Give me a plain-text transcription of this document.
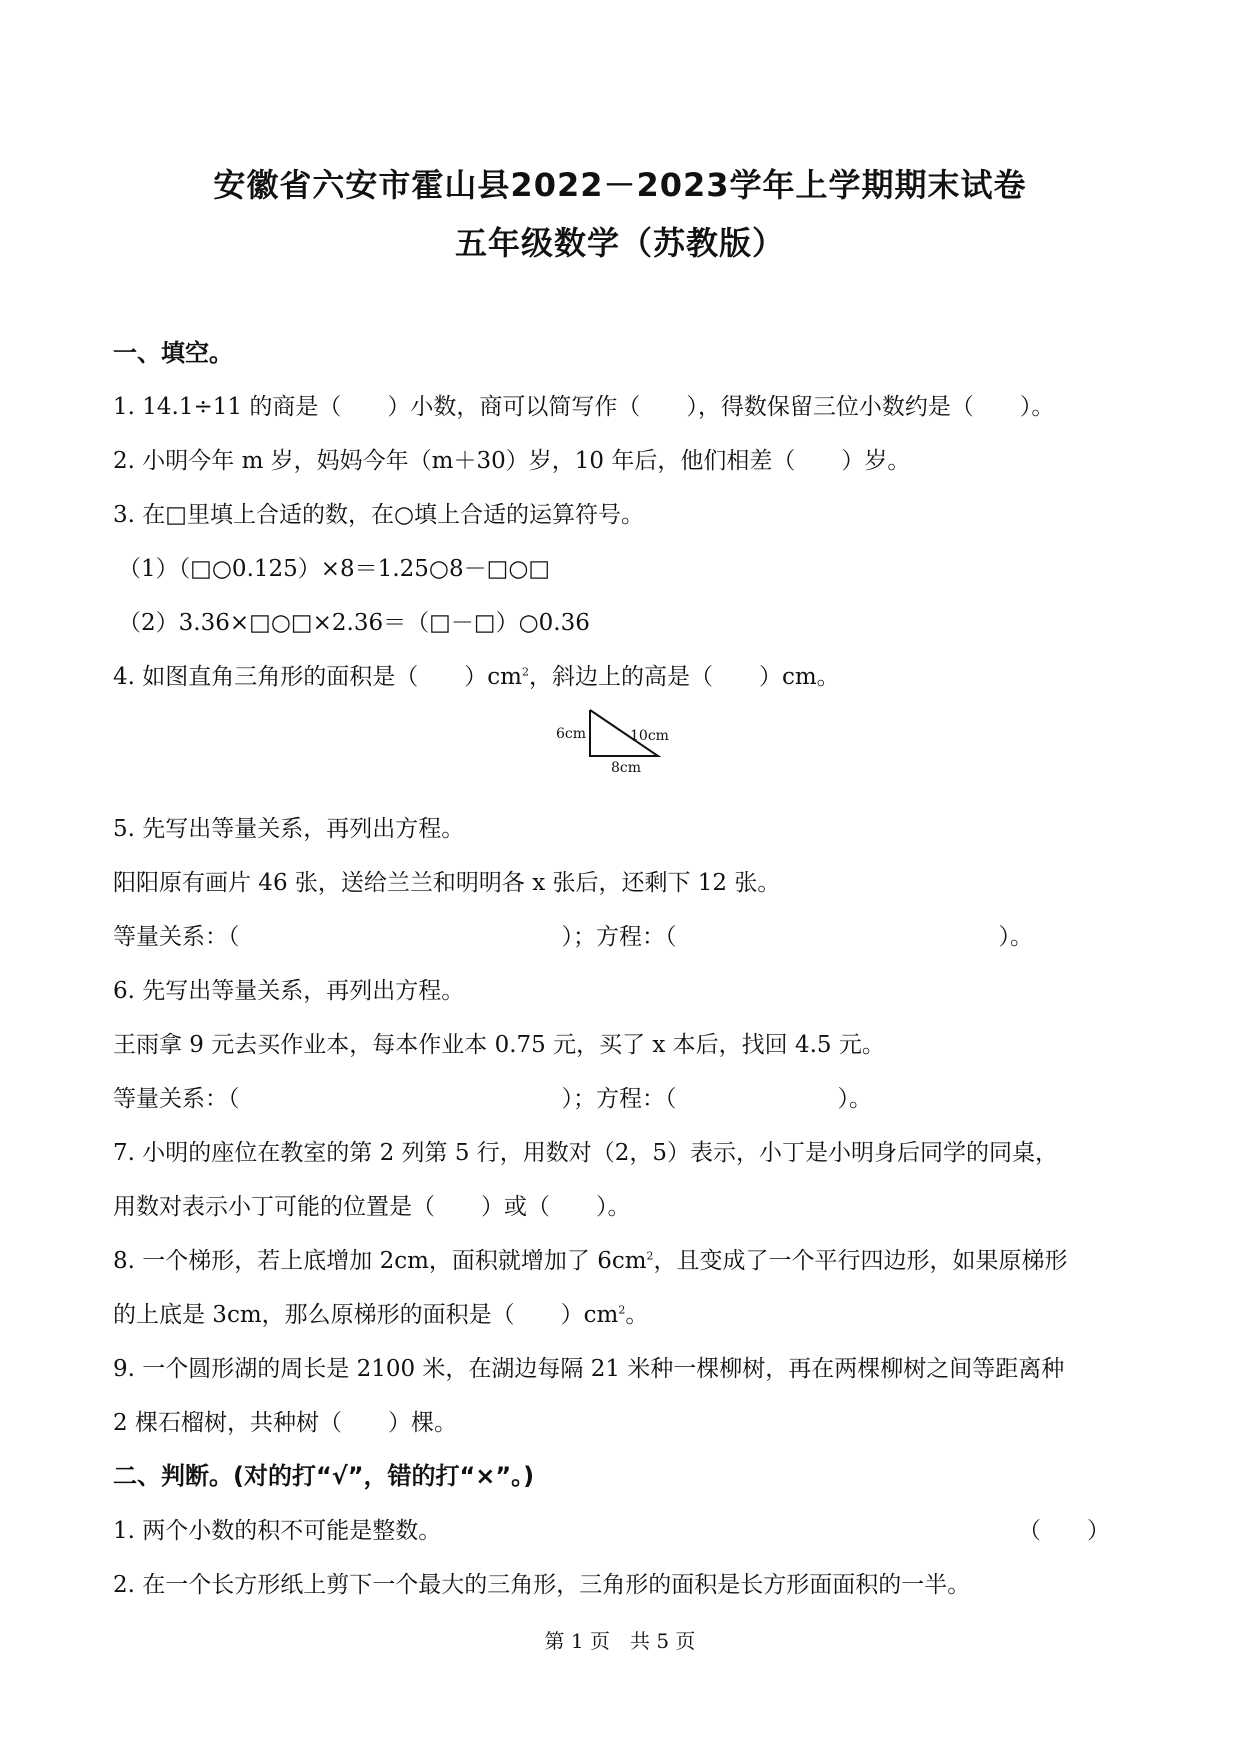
安徽省六安市霍山县2022－2023学年上学期期末试卷
五年级数学（苏教版）
一、填空。

1. 14.1÷11 的商是（　　）小数，商可以简写作（　　），得数保留三位小数约是（　　）。

2. 小明今年 m 岁，妈妈今年（m＋30）岁，10 年后，他们相差（　　）岁。

3. 在□里填上合适的数，在○填上合适的运算符号。

（1）（□○0.125）×8＝1.25○8－□○□

（2）3.36×□○□×2.36＝（□－□）○0.36

4. 如图直角三角形的面积是（　　）$cm^2$，斜边上的高是（　　）cm。

6cm	10cm
8cm

5. 先写出等量关系，再列出方程。

阳阳原有画片 46 张，送给兰兰和明明各 x 张后，还剩下 12 张。

等量关系：（　　　　　　　　　　　　　　）；方程：（　　　　　　　　　　　　　　）。

6. 先写出等量关系，再列出方程。

王雨拿 9 元去买作业本，每本作业本 0.75 元，买了 x 本后，找回 4.5 元。

等量关系：（　　　　　　　　　　　　　　）；方程：（　　　　　　　）。

7. 小明的座位在教室的第 2 列第 5 行，用数对（2，5）表示，小丁是小明身后同学的同桌，

用数对表示小丁可能的位置是（　　）或（　　）。

8. 一个梯形，若上底增加 2cm，面积就增加了 $6cm^2$，且变成了一个平行四边形，如果原梯形

的上底是 3cm，那么原梯形的面积是（　　）$cm^2$。

9. 一个圆形湖的周长是 2100 米，在湖边每隔 21 米种一棵柳树，再在两棵柳树之间等距离种

2 棵石榴树，共种树（　　）棵。

二、判断。(对的打“√”，错的打“×”。)

1. 两个小数的积不可能是整数。	（　　）

2. 在一个长方形纸上剪下一个最大的三角形，三角形的面积是长方形面面积的一半。

第 1 页　共 5 页
